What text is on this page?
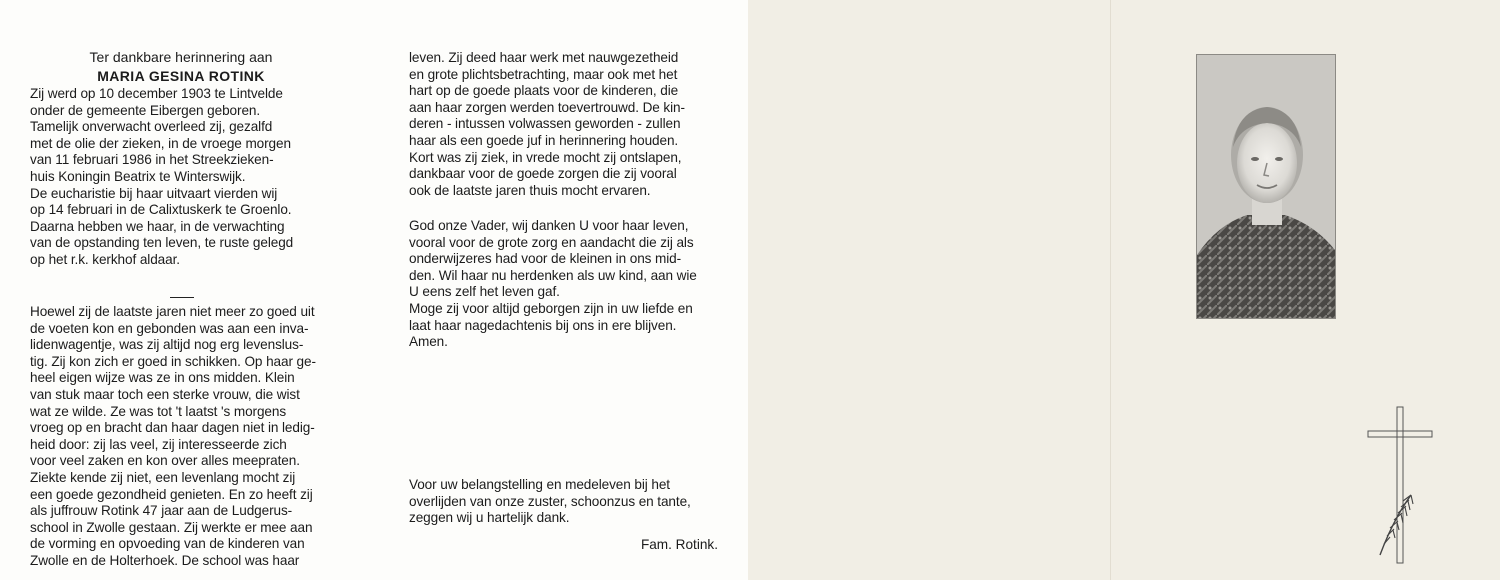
Ter dankbare herinnering aan
MARIA GESINA ROTINK
Zij werd op 10 december 1903 te Lintvelde
onder de gemeente Eibergen geboren.
Tamelijk onverwacht overleed zij, gezalfd
met de olie der zieken, in de vroege morgen
van 11 februari 1986 in het Streekzieken-
huis Koningin Beatrix te Winterswijk.
De eucharistie bij haar uitvaart vierden wij
op 14 februari in de Calixtuskerk te Groenlo.
Daarna hebben we haar, in de verwachting
van de opstanding ten leven, te ruste gelegd
op het r.k. kerkhof aldaar.
Hoewel zij de laatste jaren niet meer zo goed uit
de voeten kon en gebonden was aan een inva-
lidenwagentje, was zij altijd nog erg levenslus-
tig. Zij kon zich er goed in schikken. Op haar ge-
heel eigen wijze was ze in ons midden. Klein
van stuk maar toch een sterke vrouw, die wist
wat ze wilde. Ze was tot 't laatst 's morgens
vroeg op en bracht dan haar dagen niet in ledig-
heid door: zij las veel, zij interesseerde zich
voor veel zaken en kon over alles meepraten.
Ziekte kende zij niet, een levenlang mocht zij
een goede gezondheid genieten. En zo heeft zij
als juffrouw Rotink 47 jaar aan de Ludgerus-
school in Zwolle gestaan. Zij werkte er mee aan
de vorming en opvoeding van de kinderen van
Zwolle en de Holterhoek. De school was haar
leven. Zij deed haar werk met nauwgezetheid
en grote plichtsbetrachting, maar ook met het
hart op de goede plaats voor de kinderen, die
aan haar zorgen werden toevertrouwd. De kin-
deren - intussen volwassen geworden - zullen
haar als een goede juf in herinnering houden.
Kort was zij ziek, in vrede mocht zij ontslapen,
dankbaar voor de goede zorgen die zij vooral
ook de laatste jaren thuis mocht ervaren.
God onze Vader, wij danken U voor haar leven,
vooral voor de grote zorg en aandacht die zij als
onderwijzeres had voor de kleinen in ons mid-
den. Wil haar nu herdenken als uw kind, aan wie
U eens zelf het leven gaf.
Moge zij voor altijd geborgen zijn in uw liefde en
laat haar nagedachtenis bij ons in ere blijven.
Amen.
Voor uw belangstelling en medeleven bij het
overlijden van onze zuster, schoonzus en tante,
zeggen wij u hartelijk dank.
Fam. Rotink.
